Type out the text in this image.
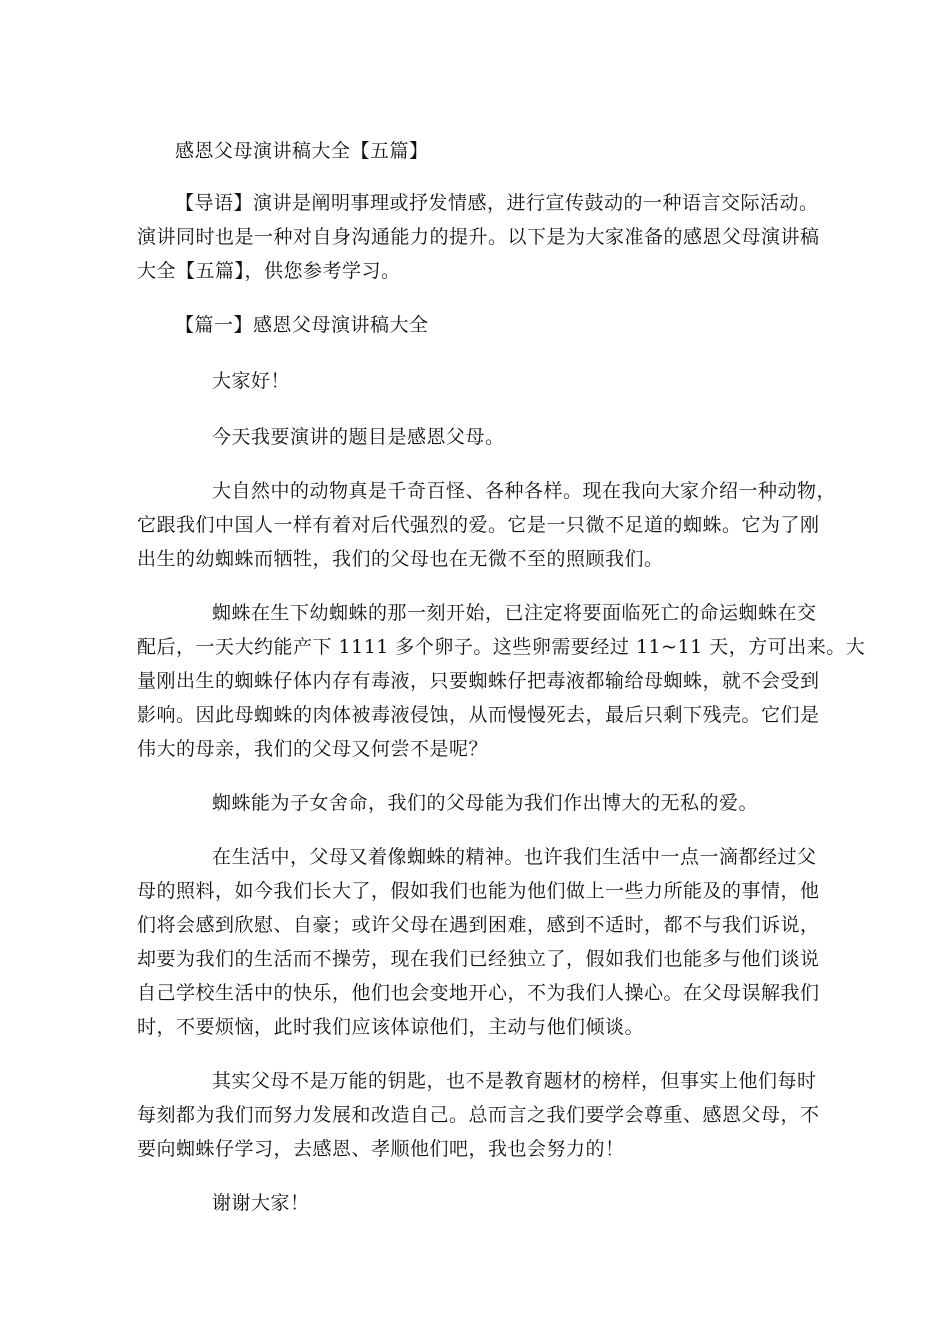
感恩父母演讲稿大全【五篇】
【导语】演讲是阐明事理或抒发情感，进行宣传鼓动的一种语言交际活动。
演讲同时也是一种对自身沟通能力的提升。以下是为大家准备的感恩父母演讲稿
大全【五篇】，供您参考学习。
【篇一】感恩父母演讲稿大全
大家好！
今天我要演讲的题目是感恩父母。
大自然中的动物真是千奇百怪、各种各样。现在我向大家介绍一种动物，
它跟我们中国人一样有着对后代强烈的爱。它是一只微不足道的蜘蛛。它为了刚
出生的幼蜘蛛而牺牲，我们的父母也在无微不至的照顾我们。
蜘蛛在生下幼蜘蛛的那一刻开始，已注定将要面临死亡的命运蜘蛛在交
配后，一天大约能产下 1111 多个卵子。这些卵需要经过 11~11 天，方可出来。大
量刚出生的蜘蛛仔体内存有毒液，只要蜘蛛仔把毒液都输给母蜘蛛，就不会受到
影响。因此母蜘蛛的肉体被毒液侵蚀，从而慢慢死去，最后只剩下残壳。它们是
伟大的母亲，我们的父母又何尝不是呢？
蜘蛛能为子女舍命，我们的父母能为我们作出博大的无私的爱。
在生活中，父母又着像蜘蛛的精神。也许我们生活中一点一滴都经过父
母的照料，如今我们长大了，假如我们也能为他们做上一些力所能及的事情，他
们将会感到欣慰、自豪；或许父母在遇到困难，感到不适时，都不与我们诉说，
却要为我们的生活而不操劳，现在我们已经独立了，假如我们也能多与他们谈说
自己学校生活中的快乐，他们也会变地开心，不为我们人操心。在父母误解我们
时，不要烦恼，此时我们应该体谅他们，主动与他们倾谈。
其实父母不是万能的钥匙，也不是教育题材的榜样，但事实上他们每时
每刻都为我们而努力发展和改造自己。总而言之我们要学会尊重、感恩父母，不
要向蜘蛛仔学习，去感恩、孝顺他们吧，我也会努力的！
谢谢大家！
